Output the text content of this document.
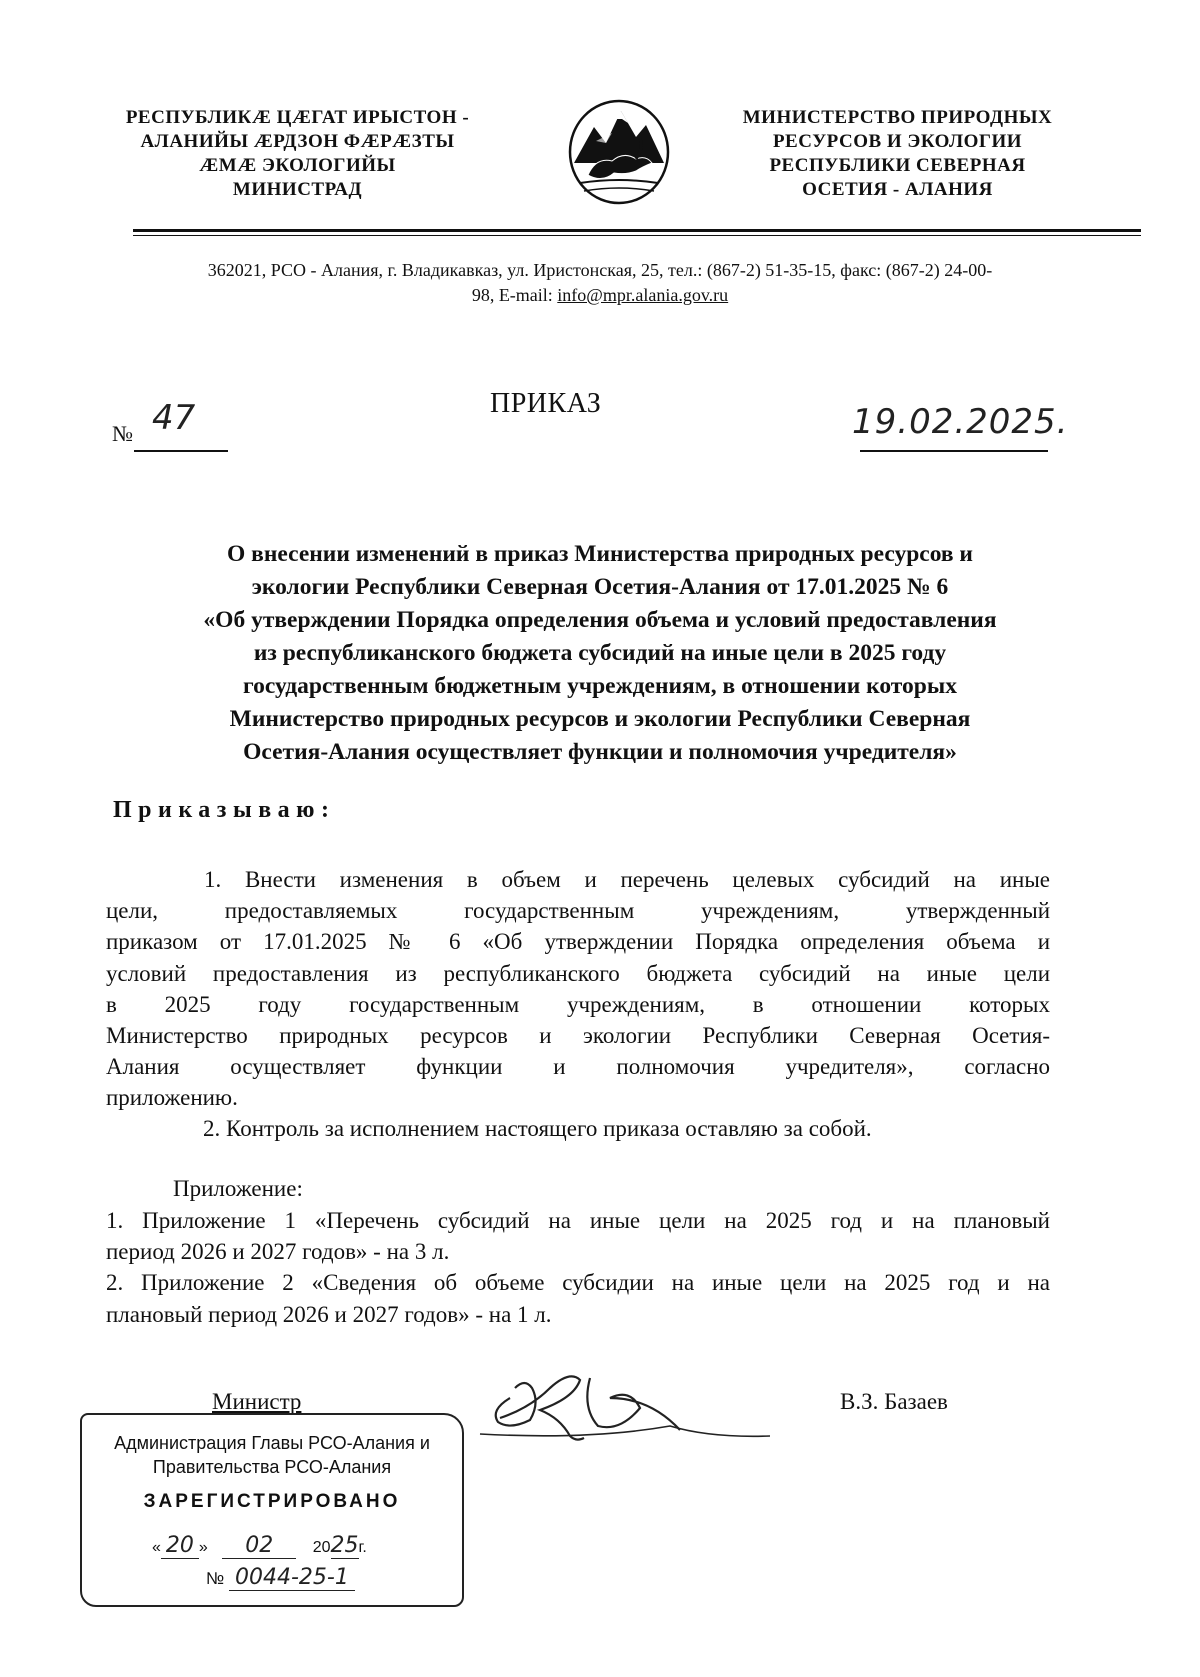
РЕСПУБЛИКӔ ЦӔГАТ ИРЫСТОН -
АЛАНИЙЫ ӔРДЗОН ФӔРӔЗТЫ
ӔМӔ ЭКОЛОГИЙЫ
МИНИСТРАД
МИНИСТЕРСТВО ПРИРОДНЫХ
РЕСУРСОВ И ЭКОЛОГИИ
РЕСПУБЛИКИ СЕВЕРНАЯ
ОСЕТИЯ - АЛАНИЯ
362021, РСО - Алания, г. Владикавказ, ул. Иристонская, 25, тел.: (867-2) 51-35-15, факс: (867-2) 24-00-
98, E-mail: info@mpr.alania.gov.ru
ПРИКАЗ
№ 47	19.02.2025.
О внесении изменений в приказ Министерства природных ресурсов и
экологии Республики Северная Осетия-Алания от 17.01.2025 № 6
«Об утверждении Порядка определения объема и условий предоставления
из республиканского бюджета субсидий на иные цели в 2025 году
государственным бюджетным учреждениям, в отношении которых
Министерство природных ресурсов и экологии Республики Северная
Осетия-Алания осуществляет функции и полномочия учредителя»
Приказываю:
1. Внести изменения в объем и перечень целевых субсидий на иные
цели, предоставляемых государственным учреждениям, утвержденный
приказом от 17.01.2025 № 6 «Об утверждении Порядка определения объема и
условий предоставления из республиканского бюджета субсидий на иные цели
в 2025 году государственным учреждениям, в отношении которых
Министерство природных ресурсов и экологии Республики Северная Осетия-
Алания осуществляет функции и полномочия учредителя», согласно
приложению.
2. Контроль за исполнением настоящего приказа оставляю за собой.
Приложение:
1. Приложение 1 «Перечень субсидий на иные цели на 2025 год и на плановый
период 2026 и 2027 годов» - на 3 л.
2. Приложение 2 «Сведения об объеме субсидии на иные цели на 2025 год и на
плановый период 2026 и 2027 годов» - на 1 л.
Министр	В.З. Базаев
Администрация Главы РСО-Алания и
Правительства РСО-Алания
ЗАРЕГИСТРИРОВАНО
« 20 » 02 2025г.
№ 0044-25-1
